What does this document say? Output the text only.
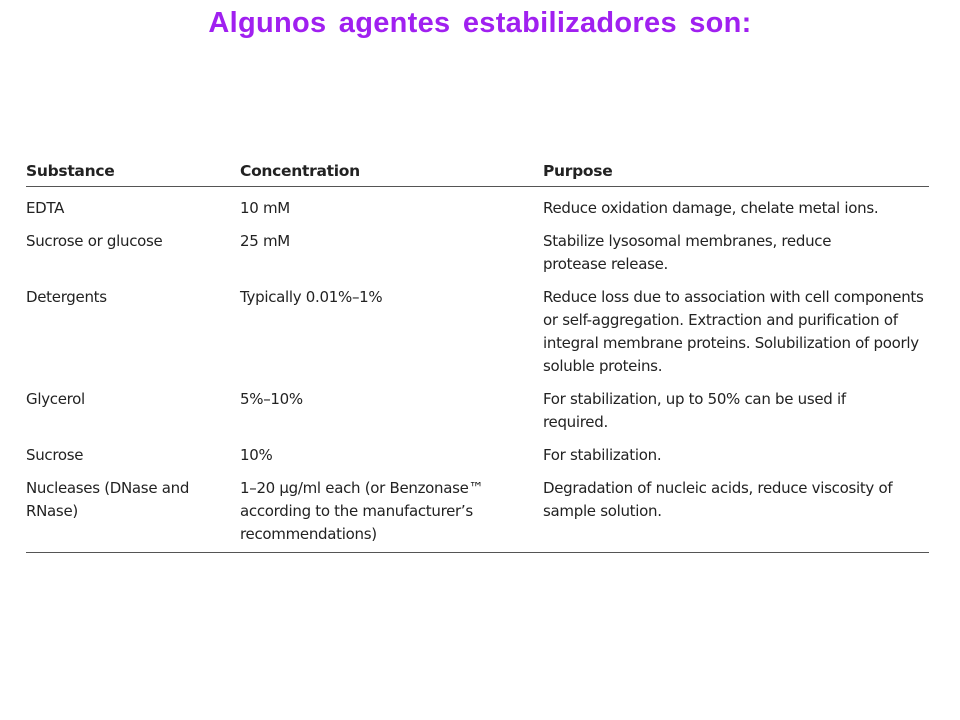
Algunos agentes estabilizadores son:
Substance	Concentration	Purpose
EDTA	10 mM	Reduce oxidation damage, chelate metal ions.
Sucrose or glucose	25 mM	Stabilize lysosomal membranes, reduce protease release.
Detergents	Typically 0.01%–1%	Reduce loss due to association with cell components or self-aggregation. Extraction and purification of integral membrane proteins. Solubilization of poorly soluble proteins.
Glycerol	5%–10%	For stabilization, up to 50% can be used if required.
Sucrose	10%	For stabilization.
Nucleases (DNase and RNase)	1–20 µg/ml each (or Benzonase™ according to the manufacturer’s recommendations)	Degradation of nucleic acids, reduce viscosity of sample solution.
